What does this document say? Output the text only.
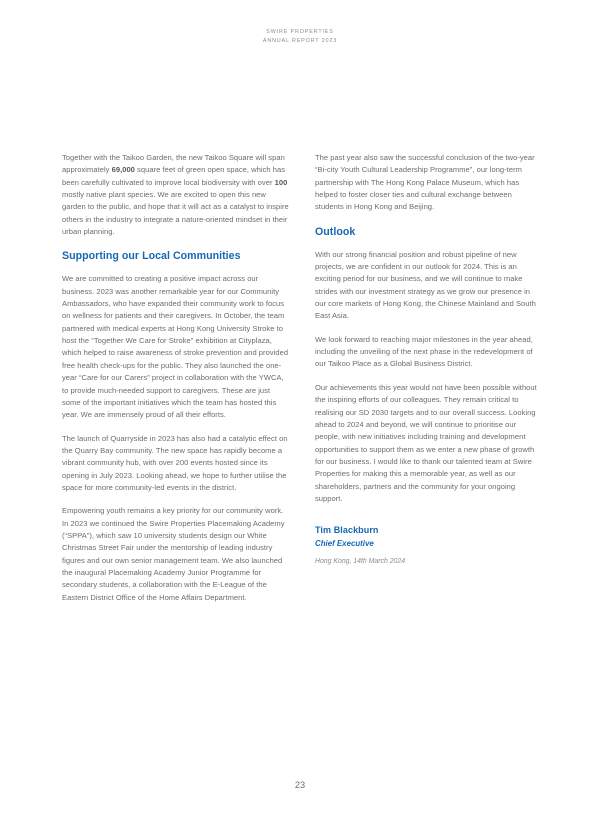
SWIRE PROPERTIES
ANNUAL REPORT 2023

Together with the Taikoo Garden, the new Taikoo Square will span approximately 69,000 square feet of green open space, which has been carefully cultivated to improve local biodiversity with over 100 mostly native plant species. We are excited to open this new garden to the public, and hope that it will act as a catalyst to inspire others in the industry to integrate a nature-oriented mindset in their urban planning.

Supporting our Local Communities

We are committed to creating a positive impact across our business. 2023 was another remarkable year for our Community Ambassadors, who have expanded their community work to focus on wellness for patients and their caregivers. In October, the team partnered with medical experts at Hong Kong University Stroke to host the “Together We Care for Stroke” exhibition at Cityplaza, which helped to raise awareness of stroke prevention and provided free health check-ups for the public. They also launched the one-year “Care for our Carers” project in collaboration with the YWCA, to provide much-needed support to caregivers. These are just some of the important initiatives which the team has hosted this year. We are immensely proud of all their efforts.

The launch of Quarryside in 2023 has also had a catalytic effect on the Quarry Bay community. The new space has rapidly become a vibrant community hub, with over 200 events hosted since its opening in July 2023. Looking ahead, we hope to further utilise the space for more community-led events in the district.

Empowering youth remains a key priority for our community work. In 2023 we continued the Swire Properties Placemaking Academy (“SPPA”), which saw 10 university students design our White Christmas Street Fair under the mentorship of leading industry figures and our own senior management team. We also launched the inaugural Placemaking Academy Junior Programme for secondary students, a collaboration with the E-League of the Eastern District Office of the Home Affairs Department.

The past year also saw the successful conclusion of the two-year “Bi-city Youth Cultural Leadership Programme”, our long-term partnership with The Hong Kong Palace Museum, which has helped to foster closer ties and cultural exchange between students in Hong Kong and Beijing.

Outlook

With our strong financial position and robust pipeline of new projects, we are confident in our outlook for 2024. This is an exciting period for our business, and we will continue to make strides with our investment strategy as we grow our presence in our core markets of Hong Kong, the Chinese Mainland and South East Asia.

We look forward to reaching major milestones in the year ahead, including the unveiling of the next phase in the redevelopment of our Taikoo Place as a Global Business District.

Our achievements this year would not have been possible without the inspiring efforts of our colleagues. They remain critical to realising our SD 2030 targets and to our overall success. Looking ahead to 2024 and beyond, we will continue to prioritise our people, with new initiatives including training and development opportunities to support them as we enter a new phase of growth for our business. I would like to thank our talented team at Swire Properties for making this a memorable year, as well as our shareholders, partners and the community for your ongoing support.

Tim Blackburn

Chief Executive

Hong Kong, 14th March 2024

23
